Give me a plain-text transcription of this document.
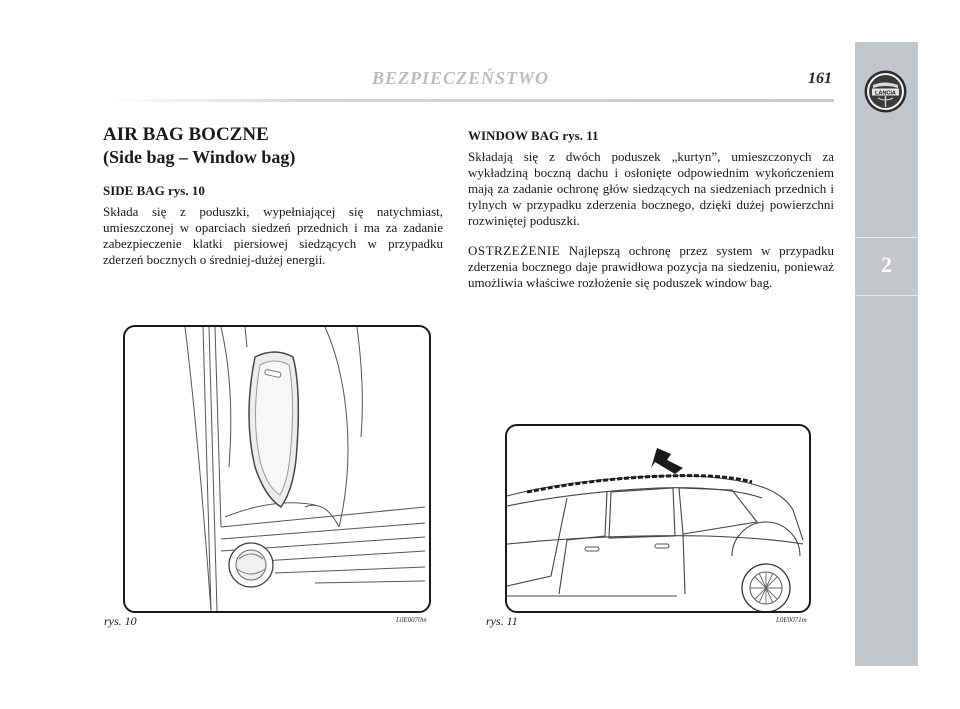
BEZPIECZEŃSTWO	161
LANCIA
2
AIR BAG BOCZNE
(Side bag – Window bag)
SIDE BAG rys. 10

Składa się z poduszki, wypełniającej się natychmiast, umieszczonej w oparciach siedzeń przednich i ma za zadanie zabezpieczenie klatki piersiowej siedzących w przypadku zderzeń bocznych o średniej-dużej energii.

WINDOW BAG rys. 11

Składają się z dwóch poduszek „kurtyn”, umieszczonych za wykładziną boczną dachu i osłonięte odpowiednim wykończeniem mają za zadanie ochronę głów siedzących na siedzeniach przednich i tylnych w przypadku zderzenia bocznego, dzięki dużej powierzchni rozwiniętej poduszki.

OSTRZEŻENIE Najlepszą ochronę przez system w przypadku zderzenia bocznego daje prawidłowa pozycja na siedzeniu, ponieważ umożliwia właściwe rozłożenie się poduszek window bag.

rys. 10	L0E0070m	rys. 11	L0E0071m
